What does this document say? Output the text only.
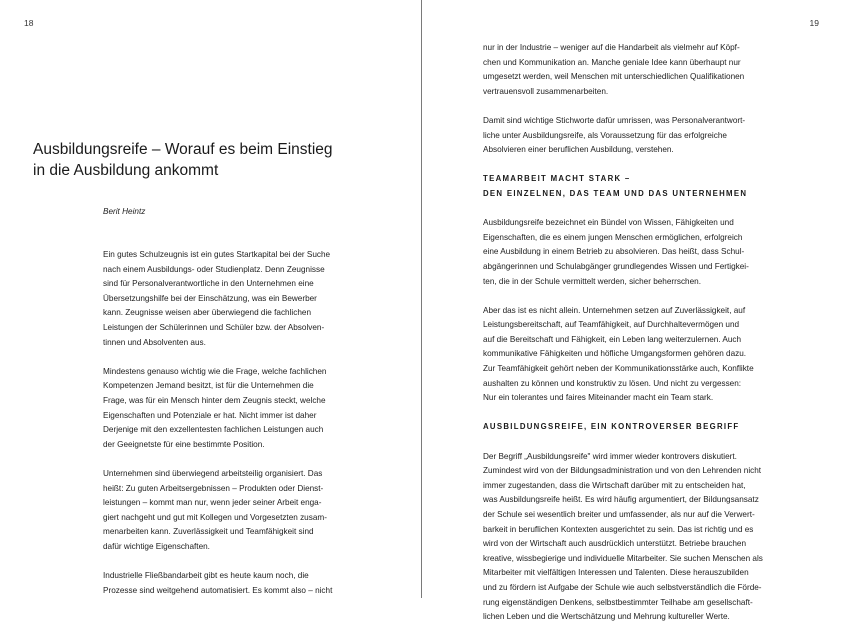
18
Ausbildungsreife – Worauf es beim Einstieg
in die Ausbildung ankommt
Berit Heintz

Ein gutes Schulzeugnis ist ein gutes Startkapital bei der Suche
nach einem Ausbildungs- oder Studienplatz. Denn Zeugnisse
sind für Personalverantwortliche in den Unternehmen eine
Übersetzungshilfe bei der Einschätzung, was ein Bewerber
kann. Zeugnisse weisen aber überwiegend die fachlichen
Leistungen der Schülerinnen und Schüler bzw. der Absolven-
tinnen und Absolventen aus.

Mindestens genauso wichtig wie die Frage, welche fachlichen
Kompetenzen Jemand besitzt, ist für die Unternehmen die
Frage, was für ein Mensch hinter dem Zeugnis steckt, welche
Eigenschaften und Potenziale er hat. Nicht immer ist daher
Derjenige mit den exzellentesten fachlichen Leistungen auch
der Geeignetste für eine bestimmte Position.

Unternehmen sind überwiegend arbeitsteilig organisiert. Das
heißt: Zu guten Arbeitsergebnissen – Produkten oder Dienst-
leistungen – kommt man nur, wenn jeder seiner Arbeit enga-
giert nachgeht und gut mit Kollegen und Vorgesetzten zusam-
menarbeiten kann. Zuverlässigkeit und Teamfähigkeit sind
dafür wichtige Eigenschaften.

Industrielle Fließbandarbeit gibt es heute kaum noch, die
Prozesse sind weitgehend automatisiert. Es kommt also – nicht

19

nur in der Industrie – weniger auf die Handarbeit als vielmehr auf Köpf-
chen und Kommunikation an. Manche geniale Idee kann überhaupt nur
umgesetzt werden, weil Menschen mit unterschiedlichen Qualifikationen
vertrauensvoll zusammenarbeiten.

Damit sind wichtige Stichworte dafür umrissen, was Personalverantwort-
liche unter Ausbildungsreife, als Voraussetzung für das erfolgreiche
Absolvieren einer beruflichen Ausbildung, verstehen.

TEAMARBEIT MACHT STARK –
DEN EINZELNEN, DAS TEAM UND DAS UNTERNEHMEN

Ausbildungsreife bezeichnet ein Bündel von Wissen, Fähigkeiten und
Eigenschaften, die es einem jungen Menschen ermöglichen, erfolgreich
eine Ausbildung in einem Betrieb zu absolvieren. Das heißt, dass Schul-
abgängerinnen und Schulabgänger grundlegendes Wissen und Fertigkei-
ten, die in der Schule vermittelt werden, sicher beherrschen.

Aber das ist es nicht allein. Unternehmen setzen auf Zuverlässigkeit, auf
Leistungsbereitschaft, auf Teamfähigkeit, auf Durchhaltevermögen und
auf die Bereitschaft und Fähigkeit, ein Leben lang weiterzulernen. Auch
kommunikative Fähigkeiten und höfliche Umgangsformen gehören dazu.
Zur Teamfähigkeit gehört neben der Kommunikationsstärke auch, Konflikte
aushalten zu können und konstruktiv zu lösen. Und nicht zu vergessen:
Nur ein tolerantes und faires Miteinander macht ein Team stark.

AUSBILDUNGSREIFE, EIN KONTROVERSER BEGRIFF

Der Begriff „Ausbildungsreife" wird immer wieder kontrovers diskutiert.
Zumindest wird von der Bildungsadministration und von den Lehrenden nicht
immer zugestanden, dass die Wirtschaft darüber mit zu entscheiden hat,
was Ausbildungsreife heißt. Es wird häufig argumentiert, der Bildungsansatz
der Schule sei wesentlich breiter und umfassender, als nur auf die Verwert-
barkeit in beruflichen Kontexten ausgerichtet zu sein. Das ist richtig und es
wird von der Wirtschaft auch ausdrücklich unterstützt. Betriebe brauchen
kreative, wissbegierige und individuelle Mitarbeiter. Sie suchen Menschen als
Mitarbeiter mit vielfältigen Interessen und Talenten. Diese herauszubilden
und zu fördern ist Aufgabe der Schule wie auch selbstverständlich die Förde-
rung eigenständigen Denkens, selbstbestimmter Teilhabe am gesellschaft-
lichen Leben und die Wertschätzung und Mehrung kultureller Werte.
